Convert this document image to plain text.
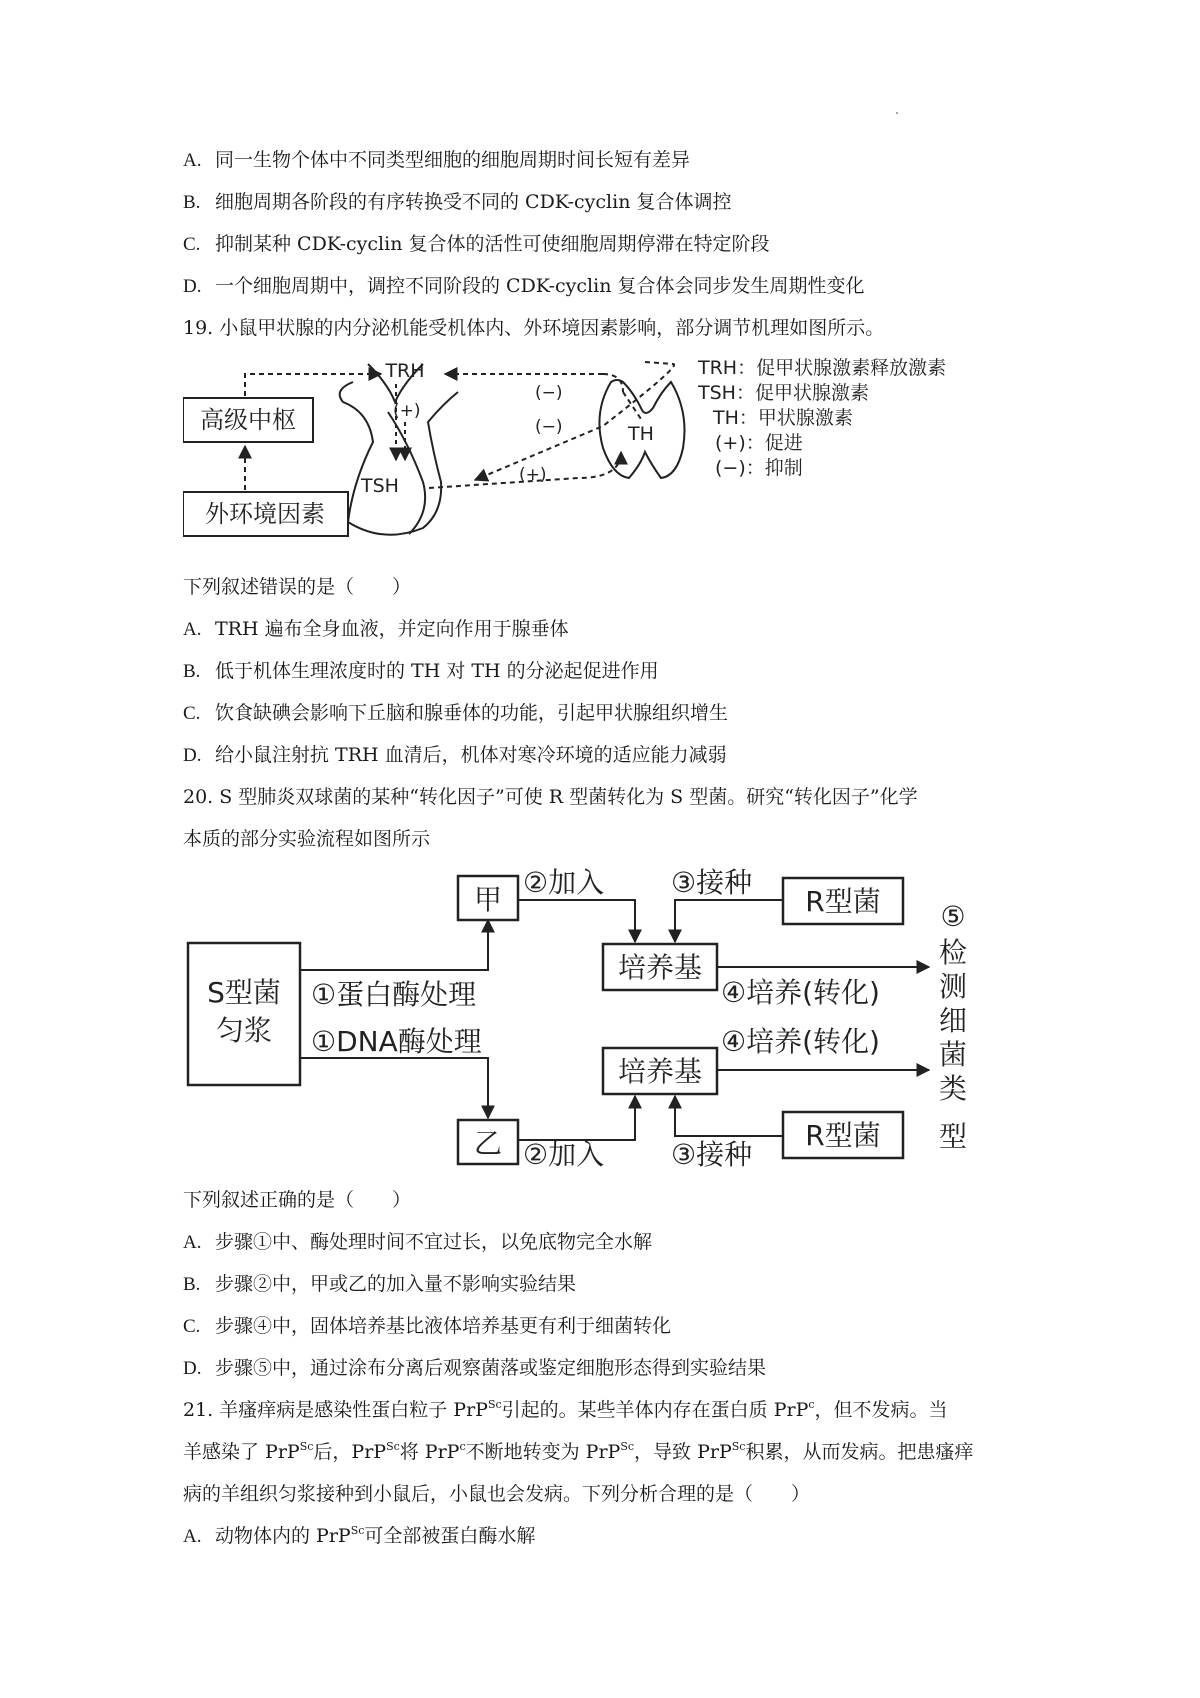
A. 同一生物个体中不同类型细胞的细胞周期时间长短有差异
B. 细胞周期各阶段的有序转换受不同的 CDK-cyclin 复合体调控
C. 抑制某种 CDK-cyclin 复合体的活性可使细胞周期停滞在特定阶段
D. 一个细胞周期中，调控不同阶段的 CDK-cyclin 复合体会同步发生周期性变化
19. 小鼠甲状腺的内分泌机能受机体内、外环境因素影响，部分调节机理如图所示。
高级中枢
外环境因素
TRH
(−)
(−)
(+)
TSH	(+)
TH
TRH：促甲状腺激素释放激素
TSH：促甲状腺激素
TH：甲状腺激素
(+)：促进
(−)：抑制
下列叙述错误的是（　　）
A. TRH 遍布全身血液，并定向作用于腺垂体
B. 低于机体生理浓度时的 TH 对 TH 的分泌起促进作用
C. 饮食缺碘会影响下丘脑和腺垂体的功能，引起甲状腺组织增生
D. 给小鼠注射抗 TRH 血清后，机体对寒冷环境的适应能力减弱
20. S 型肺炎双球菌的某种“转化因子”可使 R 型菌转化为 S 型菌。研究“转化因子”化学
本质的部分实验流程如图所示
S型菌
匀浆
①蛋白酶处理
甲
②加入 ③接种
R型菌
培养基
④培养(转化)
①DNA酶处理
乙 ②加入 ③接种
R型菌
培养基
④培养(转化)
⑤
检
测
细
菌
类
型
下列叙述正确的是（　　）
A. 步骤①中、酶处理时间不宜过长，以免底物完全水解
B. 步骤②中，甲或乙的加入量不影响实验结果
C. 步骤④中，固体培养基比液体培养基更有利于细菌转化
D. 步骤⑤中，通过涂布分离后观察菌落或鉴定细胞形态得到实验结果
21. 羊瘙痒病是感染性蛋白粒子 PrP$^{Sc}$引起的。某些羊体内存在蛋白质 PrP$^c$，但不发病。当
羊感染了 PrP$^{Sc}$后，PrP$^{Sc}$将 PrP$^c$不断地转变为 PrP$^{Sc}$，导致 PrP$^{Sc}$积累，从而发病。把患瘙痒
病的羊组织匀浆接种到小鼠后，小鼠也会发病。下列分析合理的是（　　）
A. 动物体内的 PrP$^{Sc}$可全部被蛋白酶水解
